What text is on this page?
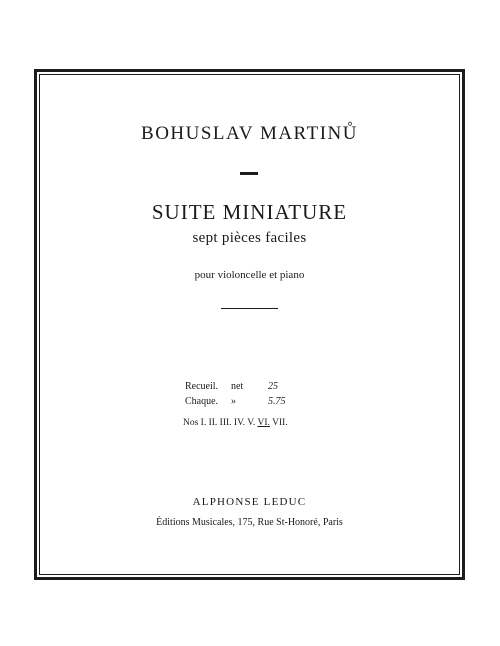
BOHUSLAV MARTINŮ
SUITE MINIATURE
sept pièces faciles
pour violoncelle et piano
Recueil. net 25
Chaque. »	5.75
Nos I. II. III. IV. V. VI. VII.
ALPHONSE LEDUC
Éditions Musicales, 175, Rue St-Honoré, Paris
